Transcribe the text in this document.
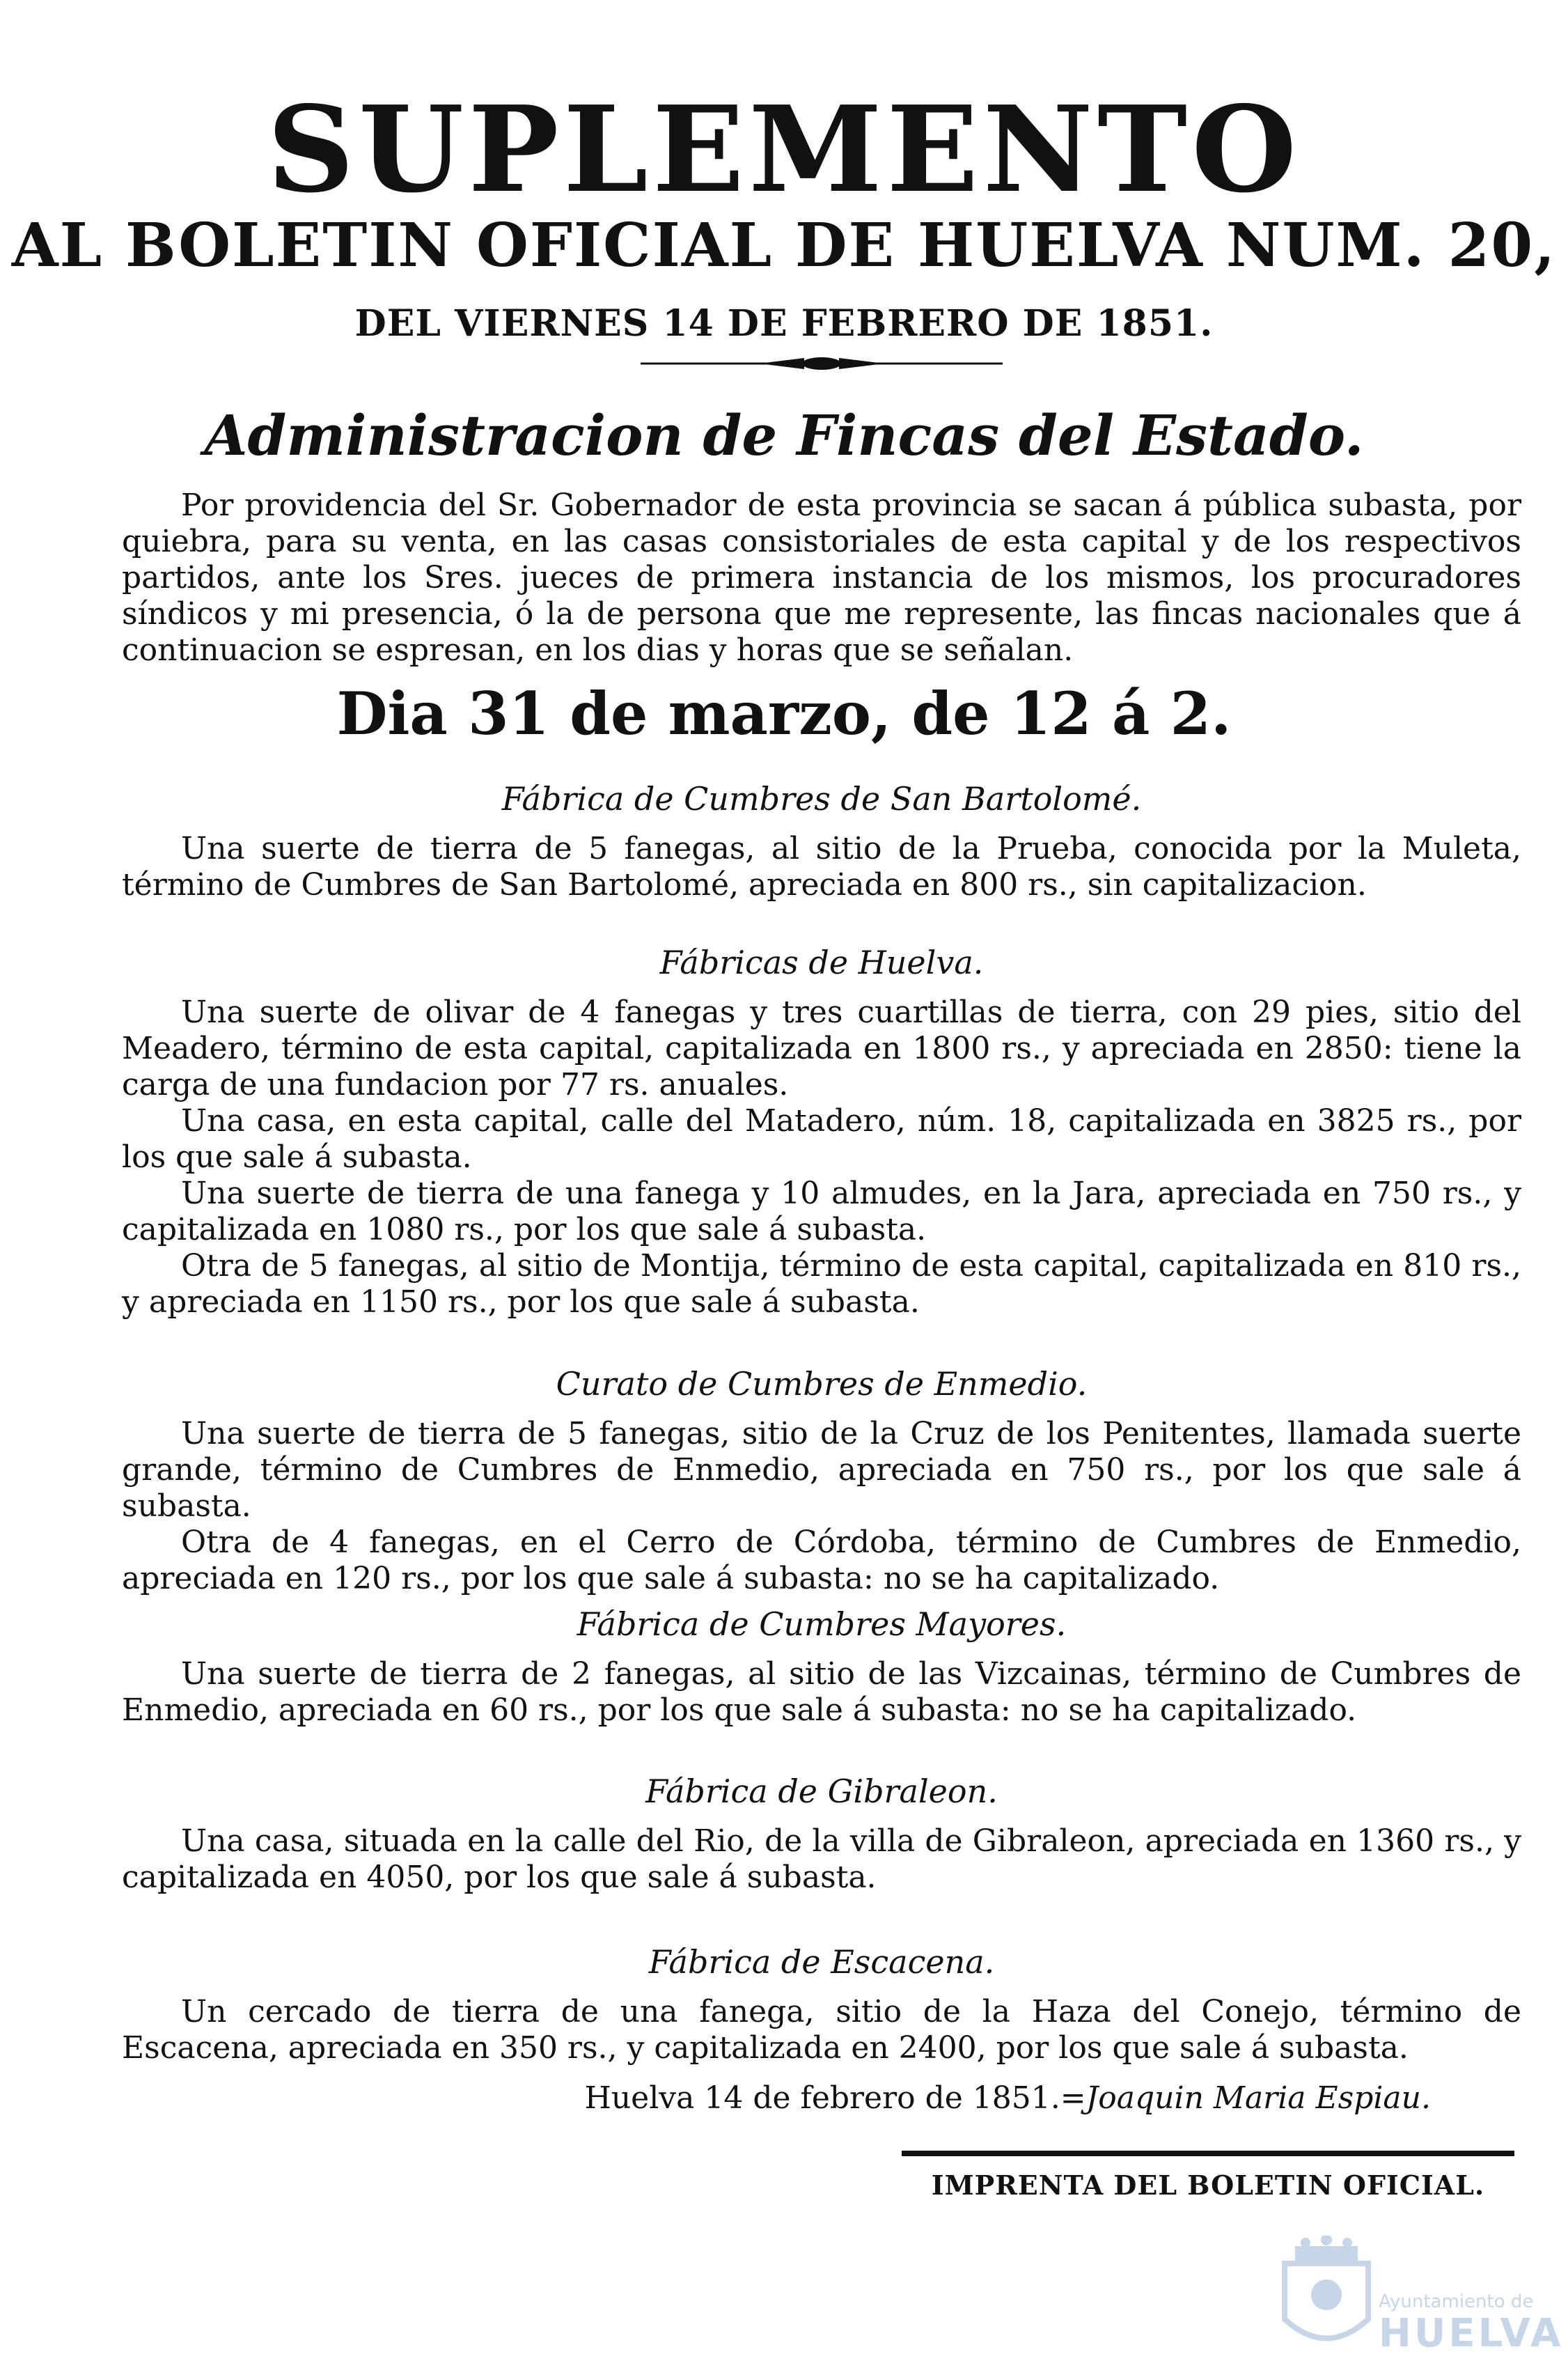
SUPLEMENTO
AL BOLETIN OFICIAL DE HUELVA NUM. 20,
DEL VIERNES 14 DE FEBRERO DE 1851.
Administracion de Fincas del Estado.
Por providencia del Sr. Gobernador de esta provincia se sacan á pública subasta, por quiebra, para su venta, en las casas consistoriales de esta capital y de los respectivos partidos, ante los Sres. jueces de primera instancia de los mismos, los procuradores síndicos y mi presencia, ó la de persona que me represente, las fincas nacionales que á continuacion se espresan, en los dias y horas que se señalan.
Dia 31 de marzo, de 12 á 2.
Fábrica de Cumbres de San Bartolomé.

Una suerte de tierra de 5 fanegas, al sitio de la Prueba, conocida por la Muleta, término de Cumbres de San Bartolomé, apreciada en 800 rs., sin capitalizacion.

Fábricas de Huelva.

Una suerte de olivar de 4 fanegas y tres cuartillas de tierra, con 29 pies, sitio del Meadero, término de esta capital, capitalizada en 1800 rs., y apreciada en 2850: tiene la carga de una fundacion por 77 rs. anuales.

Una casa, en esta capital, calle del Matadero, núm. 18, capitalizada en 3825 rs., por los que sale á subasta.

Una suerte de tierra de una fanega y 10 almudes, en la Jara, apreciada en 750 rs., y capitalizada en 1080 rs., por los que sale á subasta.

Otra de 5 fanegas, al sitio de Montija, término de esta capital, capitalizada en 810 rs., y apreciada en 1150 rs., por los que sale á subasta.

Curato de Cumbres de Enmedio.

Una suerte de tierra de 5 fanegas, sitio de la Cruz de los Penitentes, llamada suerte grande, término de Cumbres de Enmedio, apreciada en 750 rs., por los que sale á subasta.

Otra de 4 fanegas, en el Cerro de Córdoba, término de Cumbres de Enmedio, apreciada en 120 rs., por los que sale á subasta: no se ha capitalizado.

Fábrica de Cumbres Mayores.

Una suerte de tierra de 2 fanegas, al sitio de las Vizcainas, término de Cumbres de Enmedio, apreciada en 60 rs., por los que sale á subasta: no se ha capitalizado.

Fábrica de Gibraleon.

Una casa, situada en la calle del Rio, de la villa de Gibraleon, apreciada en 1360 rs., y capitalizada en 4050, por los que sale á subasta.

Fábrica de Escacena.

Un cercado de tierra de una fanega, sitio de la Haza del Conejo, término de Escacena, apreciada en 350 rs., y capitalizada en 2400, por los que sale á subasta.

Huelva 14 de febrero de 1851.=Joaquin Maria Espiau.
IMPRENTA DEL BOLETIN OFICIAL.
Ayuntamiento de
HUELVA
